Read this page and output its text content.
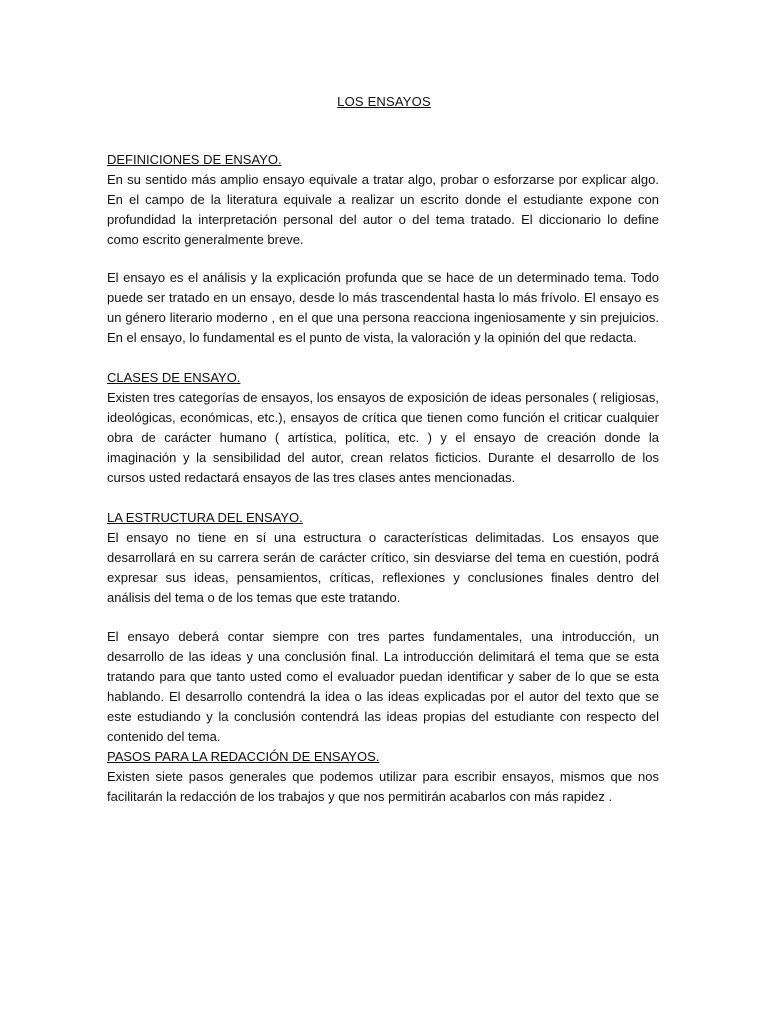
LOS ENSAYOS
DEFINICIONES DE ENSAYO.

En su sentido más amplio ensayo equivale a tratar algo, probar o esforzarse por explicar algo. En el campo de la literatura equivale a realizar un escrito donde el estudiante expone con profundidad la interpretación personal del autor o del tema tratado. El diccionario lo define como escrito generalmente breve.

El ensayo es el análisis y la explicación profunda que se hace de un determinado tema. Todo puede ser tratado en un ensayo, desde lo más trascendental hasta lo más frívolo. El ensayo es un género literario moderno , en el que una persona reacciona ingeniosamente y sin prejuicios. En el ensayo, lo fundamental es el punto de vista, la valoración y la opinión del que redacta.

CLASES DE ENSAYO.

Existen tres categorías de ensayos, los ensayos de exposición de ideas personales ( religiosas, ideológicas, económicas, etc.), ensayos de crítica que tienen como función el criticar cualquier obra de carácter humano ( artística, política, etc. ) y el ensayo de creación donde la imaginación y la sensibilidad del autor, crean relatos ficticios. Durante el desarrollo de los cursos usted redactará ensayos de las tres clases antes mencionadas.

LA ESTRUCTURA DEL ENSAYO.

El ensayo no tiene en sí una estructura o características delimitadas. Los ensayos que desarrollará en su carrera serán de carácter crítico, sin desviarse del tema en cuestión, podrá expresar sus ideas, pensamientos, críticas, reflexiones y conclusiones finales dentro del análisis del tema o de los temas que este tratando.

El ensayo deberá contar siempre con tres partes fundamentales, una introducción, un desarrollo de las ideas y una conclusión final. La introducción delimitará el tema que se esta tratando para que tanto usted como el evaluador puedan identificar y saber de lo que se esta hablando. El desarrollo contendrá la idea o las ideas explicadas por el autor del texto que se este estudiando y la conclusión contendrá las ideas propias del estudiante con respecto del contenido del tema.

PASOS PARA LA REDACCIÓN DE ENSAYOS.

Existen siete pasos generales que podemos utilizar para escribir ensayos, mismos que nos facilitarán la redacción de los trabajos y que nos permitirán acabarlos con más rapidez .
